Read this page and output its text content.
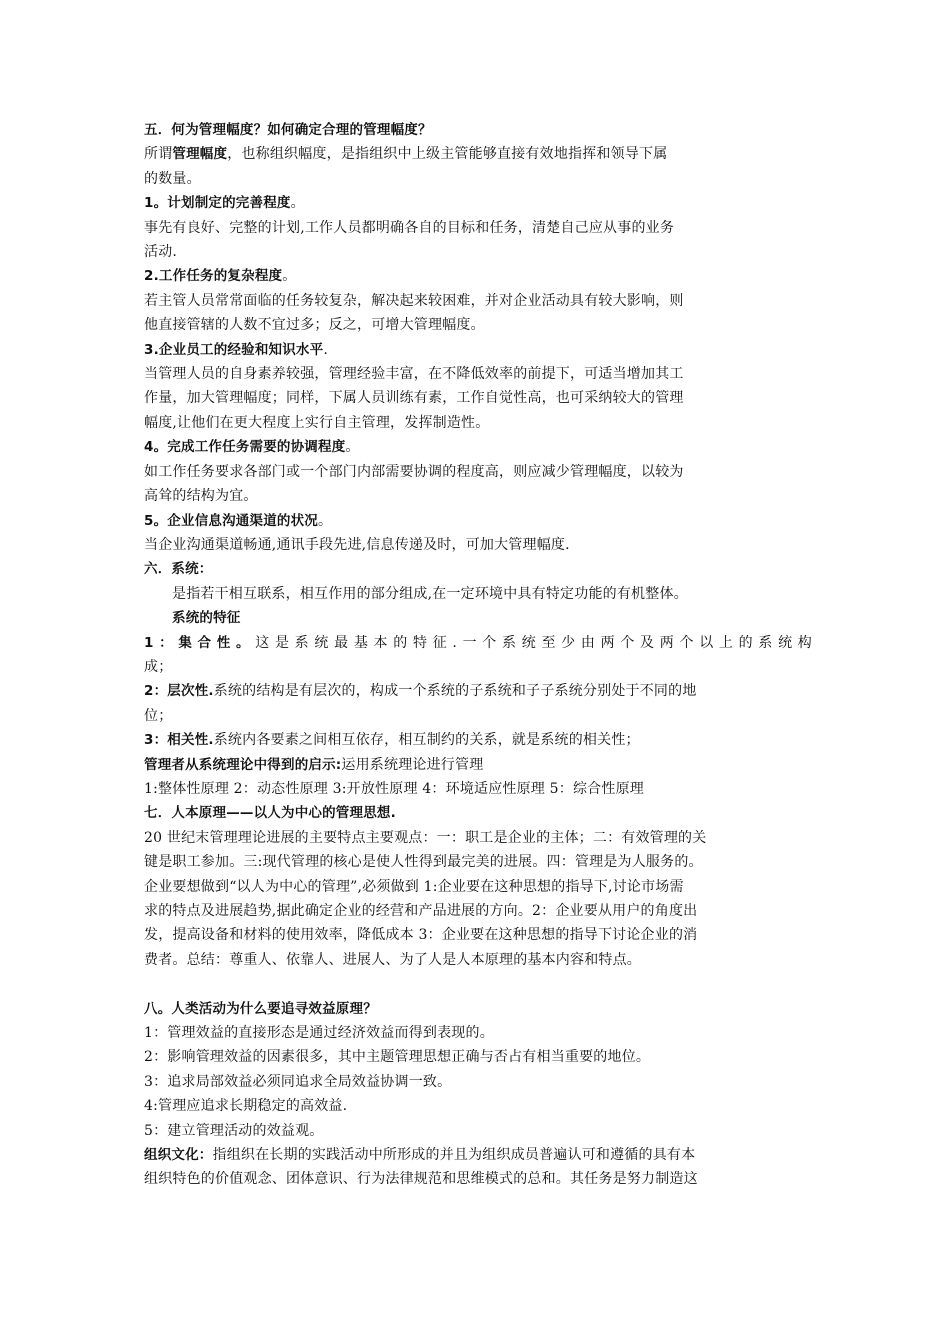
五．何为管理幅度？如何确定合理的管理幅度？
所谓管理幅度，也称组织幅度，是指组织中上级主管能够直接有效地指挥和领导下属
的数量。
1。计划制定的完善程度。
事先有良好、完整的计划,工作人员都明确各自的目标和任务，清楚自己应从事的业务
活动.
2.工作任务的复杂程度。
若主管人员常常面临的任务较复杂，解决起来较困难，并对企业活动具有较大影响，则
他直接管辖的人数不宜过多；反之，可增大管理幅度。
3.企业员工的经验和知识水平.
当管理人员的自身素养较强，管理经验丰富，在不降低效率的前提下，可适当增加其工
作量，加大管理幅度；同样，下属人员训练有素，工作自觉性高，也可采纳较大的管理
幅度,让他们在更大程度上实行自主管理，发挥制造性。
4。完成工作任务需要的协调程度。
如工作任务要求各部门或一个部门内部需要协调的程度高，则应减少管理幅度，以较为
高耸的结构为宜。
5。企业信息沟通渠道的状况。
当企业沟通渠道畅通,通讯手段先进,信息传递及时，可加大管理幅度.
六．系统：
是指若干相互联系，相互作用的部分组成,在一定环境中具有特定功能的有机整体。
系统的特征
1：集合性。这是系统最基本的特征.一个系统至少由两个及两个以上的系统构
成；
2：层次性.系统的结构是有层次的，构成一个系统的子系统和子子系统分别处于不同的地
位；
3：相关性.系统内各要素之间相互依存，相互制约的关系，就是系统的相关性；
管理者从系统理论中得到的启示:运用系统理论进行管理
1:整体性原理 2：动态性原理 3:开放性原理 4：环境适应性原理 5：综合性原理
七．人本原理——以人为中心的管理思想.
20 世纪末管理理论进展的主要特点主要观点：一：职工是企业的主体；二：有效管理的关
键是职工参加。三:现代管理的核心是使人性得到最完美的进展。四：管理是为人服务的。
企业要想做到“以人为中心的管理”,必须做到 1:企业要在这种思想的指导下,讨论市场需
求的特点及进展趋势,据此确定企业的经营和产品进展的方向。2：企业要从用户的角度出
发，提高设备和材料的使用效率，降低成本 3：企业要在这种思想的指导下讨论企业的消
费者。总结：尊重人、依靠人、进展人、为了人是人本原理的基本内容和特点。
八。人类活动为什么要追寻效益原理？
1：管理效益的直接形态是通过经济效益而得到表现的。
2：影响管理效益的因素很多，其中主题管理思想正确与否占有相当重要的地位。
3：追求局部效益必须同追求全局效益协调一致。
4:管理应追求长期稳定的高效益.
5：建立管理活动的效益观。
组织文化：指组织在长期的实践活动中所形成的并且为组织成员普遍认可和遵循的具有本
组织特色的价值观念、团体意识、行为法律规范和思维模式的总和。其任务是努力制造这
